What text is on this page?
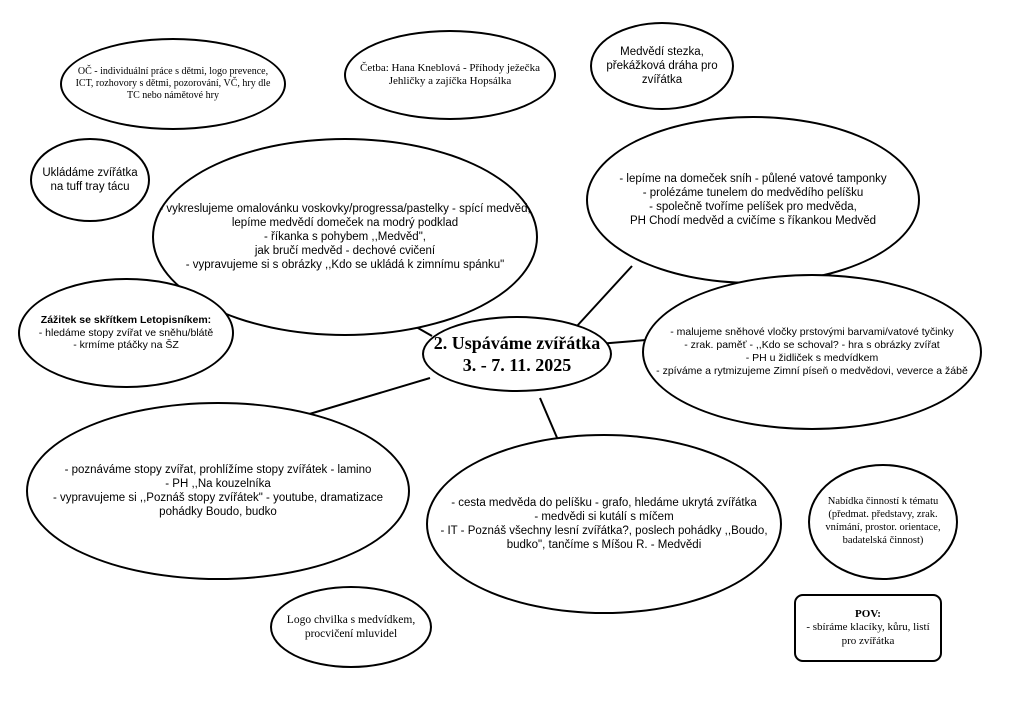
2. Uspáváme zvířátka
3. - 7. 11. 2025
- vykreslujeme omalovánku voskovky/progressa/pastelky - spící medvěd,
lepíme medvědí domeček na modrý podklad
- říkanka s pohybem ,,Medvěd",
jak bručí medvěd - dechové cvičení
- vypravujeme si s obrázky ,,Kdo se ukládá k zimnímu spánku"
- lepíme na domeček sníh - půlené vatové tamponky
- prolézáme tunelem do medvědího pelíšku
- společně tvoříme pelíšek pro medvěda,
PH Chodí medvěd a cvičíme s říkankou Medvěd
- malujeme sněhové vločky prstovými barvami/vatové tyčinky
- zrak. paměť - ,,Kdo se schoval? - hra s obrázky zvířat
- PH u židliček s medvídkem
- zpíváme a rytmizujeme Zimní píseň o medvědovi, veverce a žábě
- poznáváme stopy zvířat, prohlížíme stopy zvířátek - lamino
- PH ,,Na kouzelníka
- vypravujeme si ,,Poznáš stopy zvířátek" - youtube, dramatizace
pohádky Boudo, budko
- cesta medvěda do pelíšku - grafo, hledáme ukrytá zvířátka
- medvědi si kutálí s míčem
- IT - Poznáš všechny lesní zvířátka?, poslech pohádky ,,Boudo,
budko", tančíme s Míšou R. - Medvědi
OČ - individuální práce s dětmi, logo prevence,
ICT, rozhovory s dětmi, pozorování, VČ, hry dle
TC nebo námětové hry
Četba: Hana Kneblová - Příhody ježečka
Jehličky a zajíčka Hopsálka
Medvědí stezka,
překážková dráha pro
zvířátka
Ukládáme zvířátka
na tuff tray tácu
Zážitek se skřítkem Letopisníkem:
- hledáme stopy zvířat ve sněhu/blátě
- krmíme ptáčky na ŠZ
Nabídka činností k tématu
(předmat. představy, zrak.
vnímání, prostor. orientace,
badatelská činnost)
Logo chvilka s medvídkem,
procvičení mluvidel
POV:
- sbíráme klacíky, kůru, listí
pro zvířátka
